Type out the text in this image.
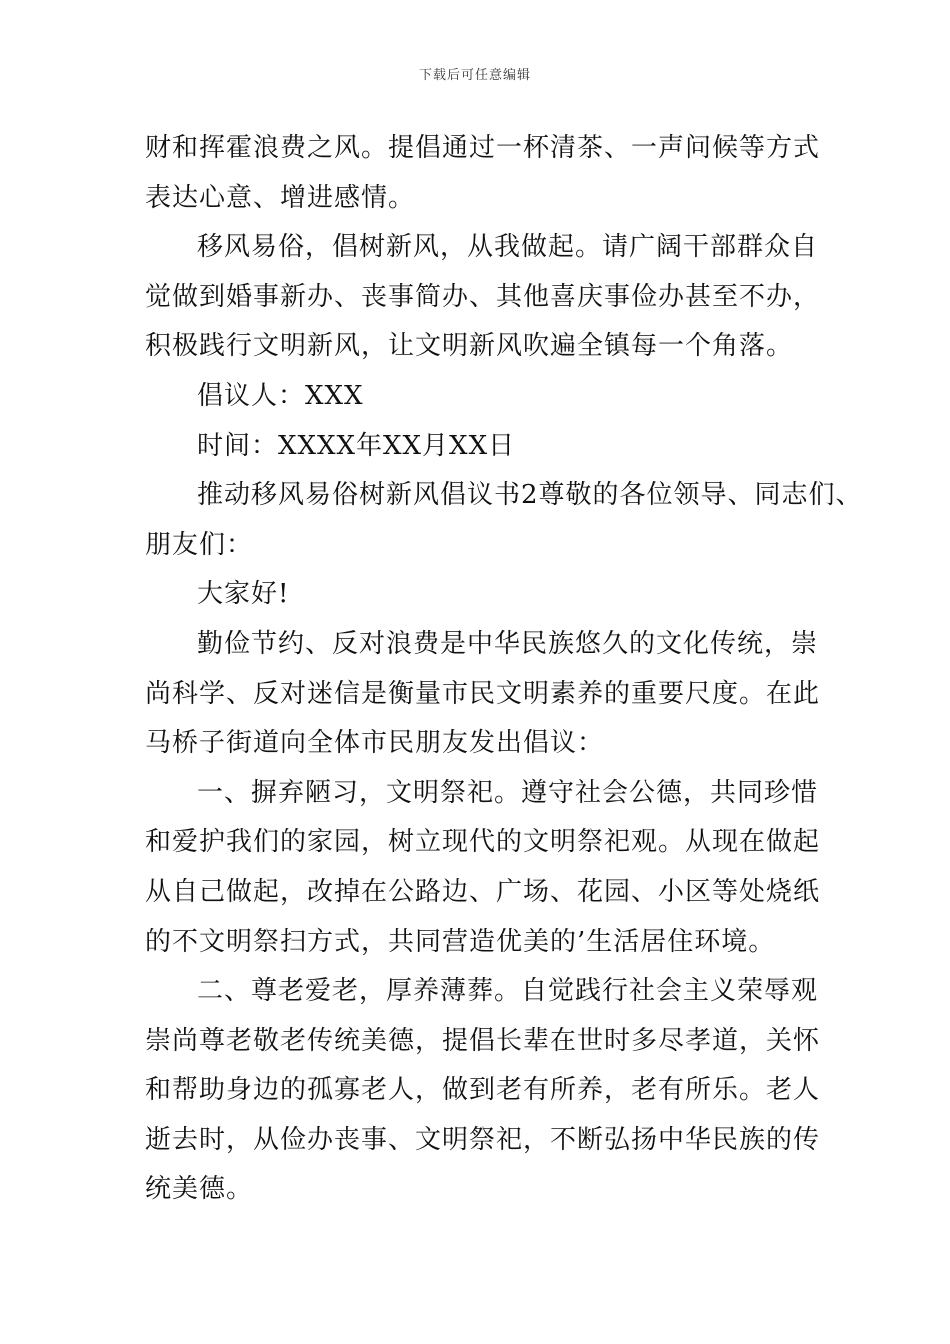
下载后可任意编辑
财和挥霍浪费之风。提倡通过一杯清茶、一声问候等方式
表达心意、增进感情。
移风易俗，倡树新风，从我做起。请广阔干部群众自
觉做到婚事新办、丧事简办、其他喜庆事俭办甚至不办，
积极践行文明新风，让文明新风吹遍全镇每一个角落。
倡议人：XXX
时间：XXXX年XX月XX日
推动移风易俗树新风倡议书2尊敬的各位领导、同志们、
朋友们：
大家好!
勤俭节约、反对浪费是中华民族悠久的文化传统，崇
尚科学、反对迷信是衡量市民文明素养的重要尺度。在此
马桥子街道向全体市民朋友发出倡议：
一、摒弃陋习，文明祭祀。遵守社会公德，共同珍惜
和爱护我们的家园，树立现代的文明祭祀观。从现在做起
从自己做起，改掉在公路边、广场、花园、小区等处烧纸
的不文明祭扫方式，共同营造优美的’生活居住环境。
二、尊老爱老，厚养薄葬。自觉践行社会主义荣辱观
崇尚尊老敬老传统美德，提倡长辈在世时多尽孝道，关怀
和帮助身边的孤寡老人，做到老有所养，老有所乐。老人
逝去时，从俭办丧事、文明祭祀，不断弘扬中华民族的传
统美德。
